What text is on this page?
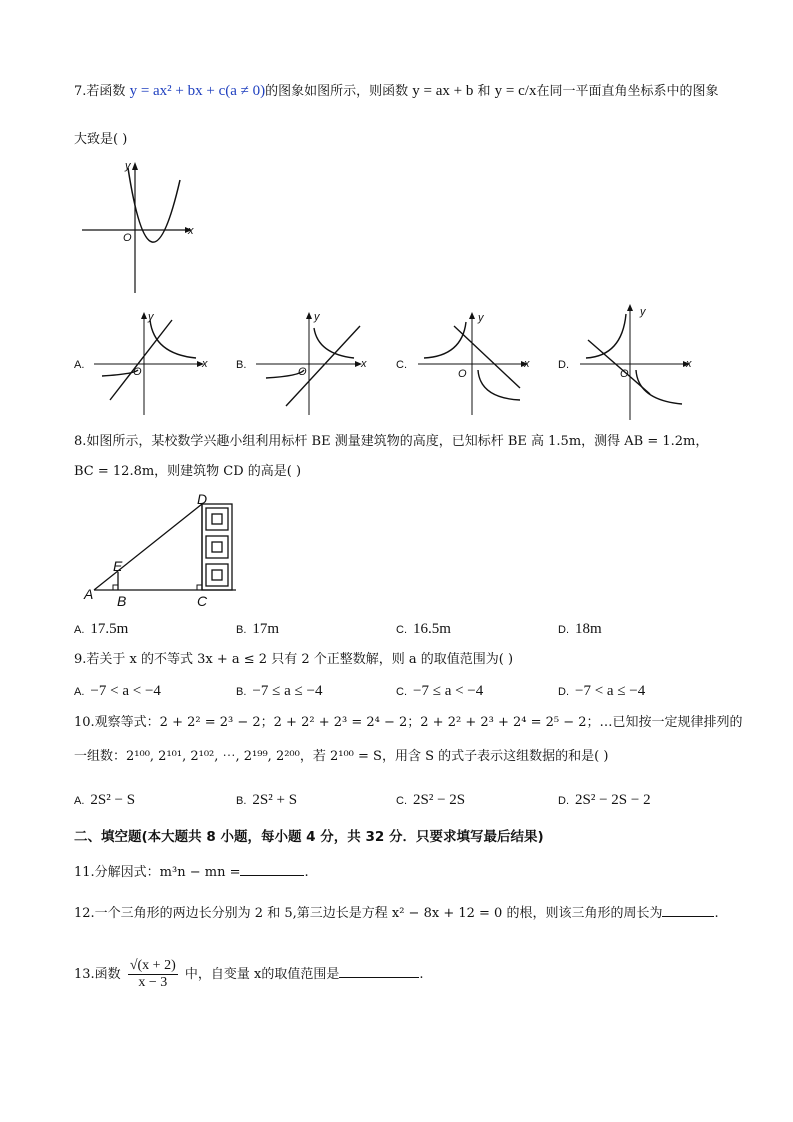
7.若函数 y = ax² + bx + c(a ≠ 0)的图象如图所示，则函数 y = ax + b 和 y = c/x在同一平面直角坐标系中的图象
大致是( )
y
x
O
A.
y
x
O
B.
y
x
O
C.
y
x
O
D.
y
x
O
8.如图所示，某校数学兴趣小组利用标杆 BE 测量建筑物的高度，已知标杆 BE 高 1.5m，测得 AB = 1.2m，
BC = 12.8m，则建筑物 CD 的高是( )
D
E
A B	C
A. 17.5m	B. 17m	C. 16.5m	D. 18m
9.若关于 x 的不等式 3x + a ≤ 2 只有 2 个正整数解，则 a 的取值范围为( )
A. −7 < a < −4	B. −7 ≤ a ≤ −4	C. −7 ≤ a < −4	D. −7 < a ≤ −4
10.观察等式：2 + 2² = 2³ − 2；2 + 2² + 2³ = 2⁴ − 2；2 + 2² + 2³ + 2⁴ = 2⁵ − 2；…已知按一定规律排列的
一组数：2¹⁰⁰, 2¹⁰¹, 2¹⁰², ⋯, 2¹⁹⁹, 2²⁰⁰，若 2¹⁰⁰ = S，用含 S 的式子表示这组数据的和是( )
A. 2S² − S	B. 2S² + S	C. 2S² − 2S	D. 2S² − 2S − 2
二、填空题(本大题共 8 小题，每小题 4 分，共 32 分．只要求填写最后结果)
11.分解因式：m³n − mn =	.
12.一个三角形的两边长分别为 2 和 5,第三边长是方程 x² − 8x + 12 = 0 的根，则该三角形的周长为	.
13.函数 $\frac{√(x + 2)}{x - 3}$ 中，自变量 x的取值范围是	.
